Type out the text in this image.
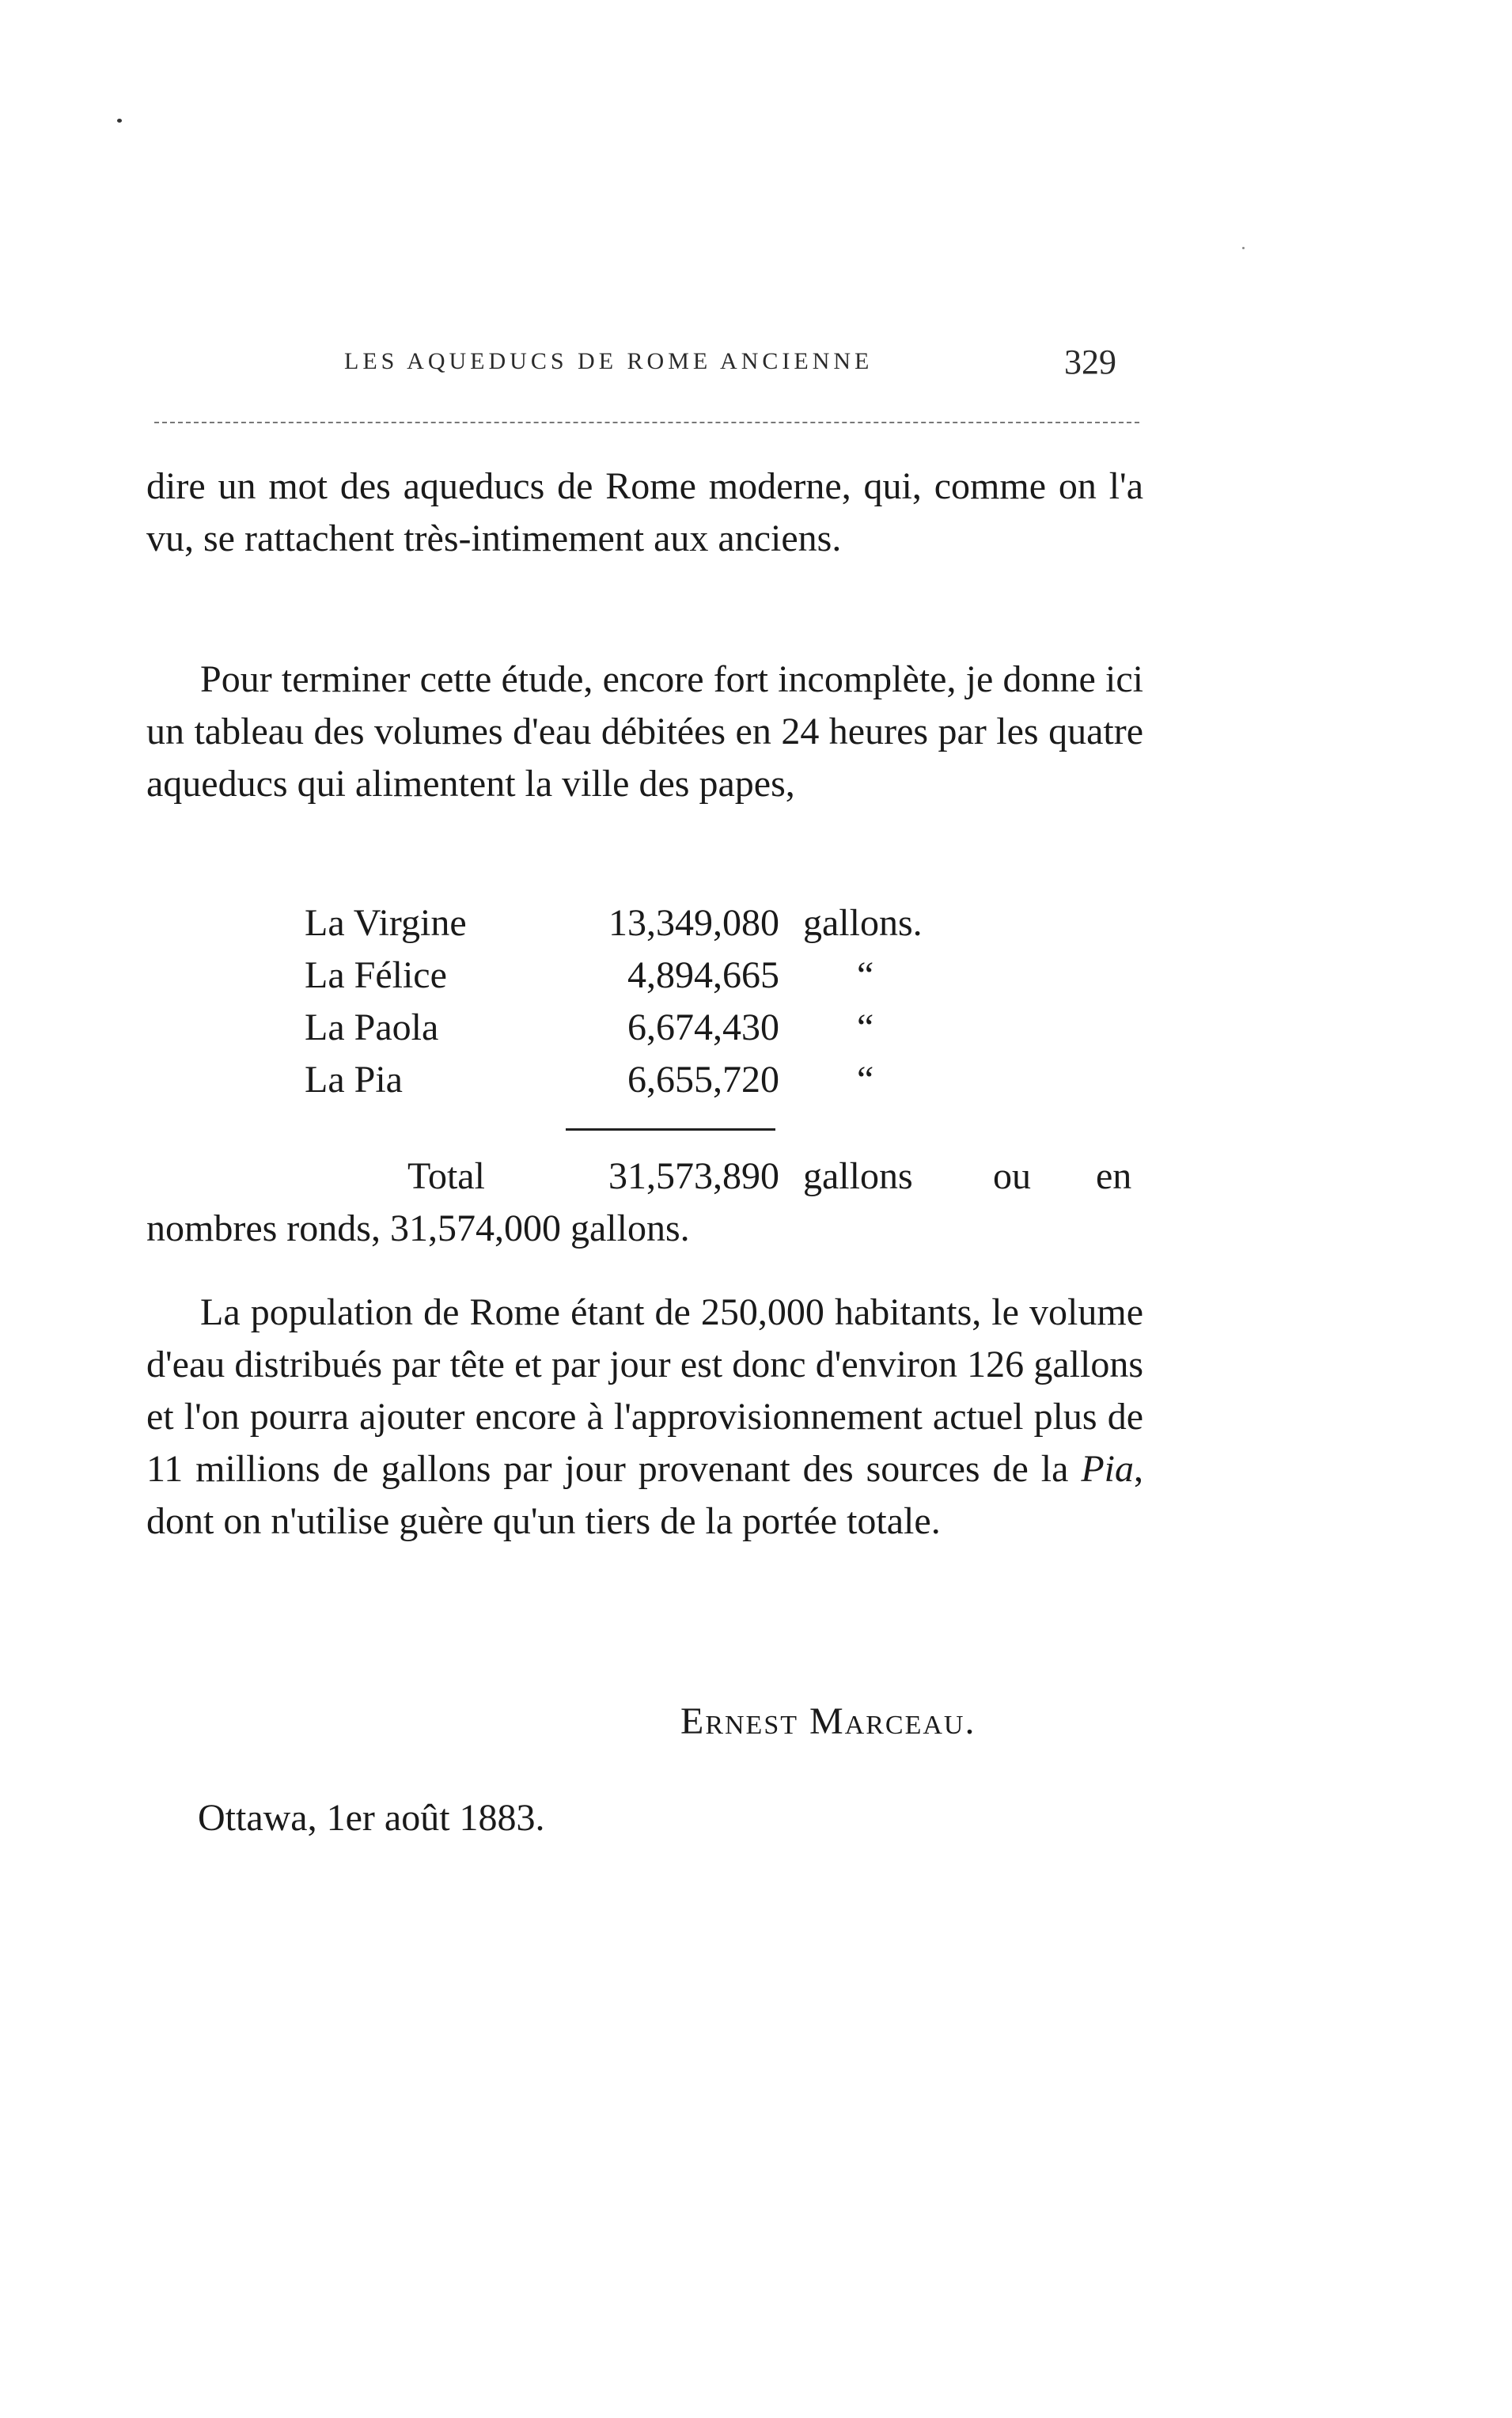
LES AQUEDUCS DE ROME ANCIENNE	329

dire un mot des aqueducs de Rome moderne, qui, comme on l'a vu, se rattachent très-intimement aux anciens.

Pour terminer cette étude, encore fort incomplète, je donne ici un tableau des volumes d'eau débitées en 24 heures par les quatre aqueducs qui alimentent la ville des papes,

La Virgine	13,349,080 gallons.
La Félice	4,894,665 “
La Paola	6,674,430 “
La Pia	6,655,720 “
Total	31,573,890 gallons ou en
nombres ronds, 31,574,000 gallons.

La population de Rome étant de 250,000 habitants, le volume d'eau distribués par tête et par jour est donc d'environ 126 gallons et l'on pourra ajouter encore à l'approvisionnement actuel plus de 11 millions de gallons par jour provenant des sources de la Pia, dont on n'utilise guère qu'un tiers de la portée totale.

Ernest Marceau.
Ottawa, 1er août 1883.
